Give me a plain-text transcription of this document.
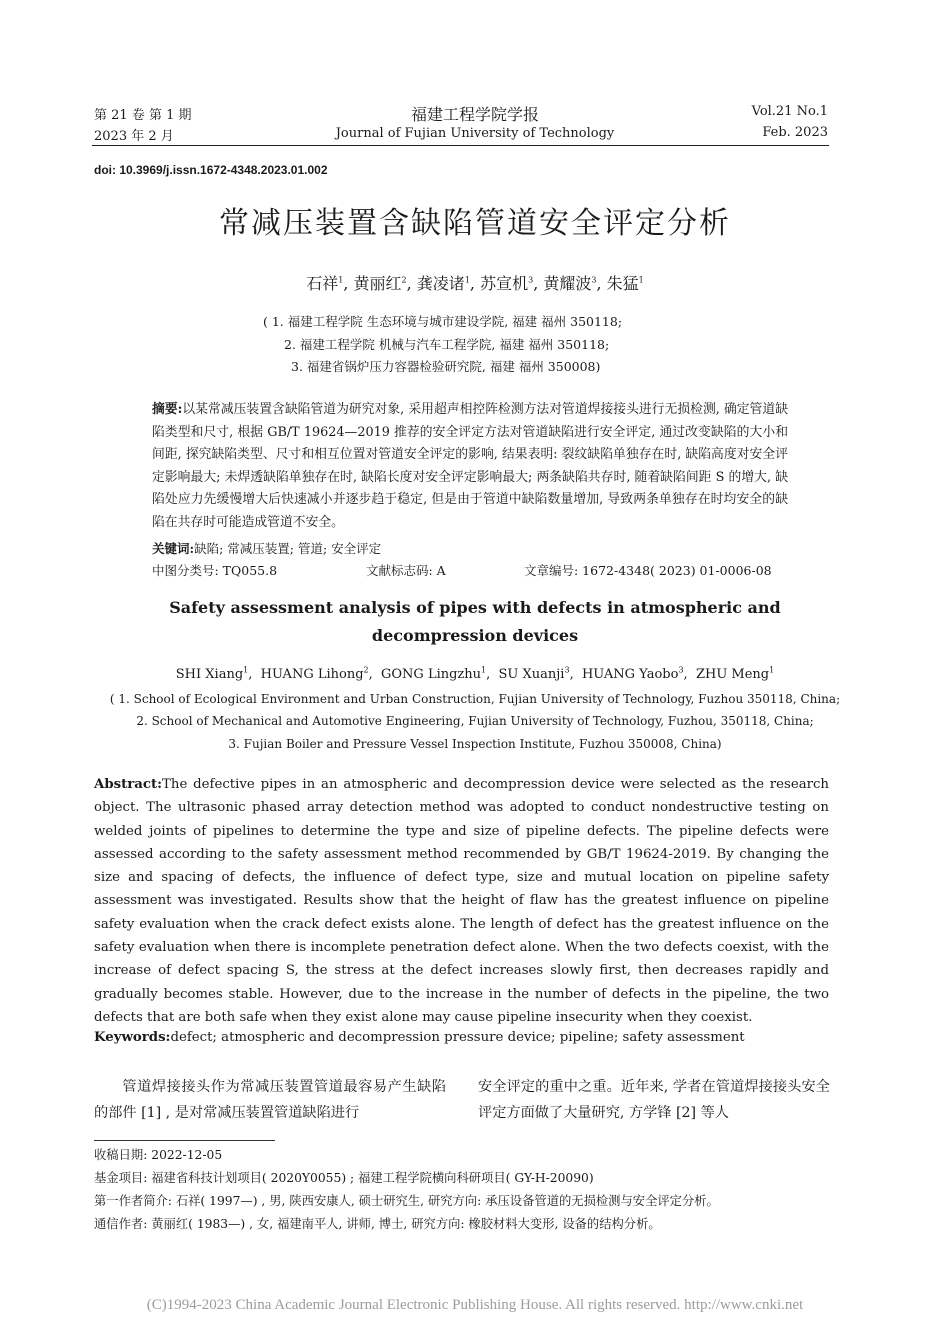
第 21 卷 第 1 期
2023 年 2 月
福建工程学院学报
Journal of Fujian University of Technology
Vol.21 No.1
Feb. 2023
doi: 10.3969/j.issn.1672-4348.2023.01.002
常减压装置含缺陷管道安全评定分析
石祥$^1$, 黄丽红$^2$, 龚凌诸$^1$, 苏宣机$^3$, 黄耀波$^3$, 朱猛$^1$
( 1. 福建工程学院 生态环境与城市建设学院, 福建 福州 350118;
2. 福建工程学院 机械与汽车工程学院, 福建 福州 350118;
3. 福建省锅炉压力容器检验研究院, 福建 福州 350008)
摘要:以某常减压装置含缺陷管道为研究对象, 采用超声相控阵检测方法对管道焊接接头进行无损检测, 确定管道缺陷类型和尺寸, 根据 GB/T 19624—2019 推荐的安全评定方法对管道缺陷进行安全评定, 通过改变缺陷的大小和间距, 探究缺陷类型、尺寸和相互位置对管道安全评定的影响, 结果表明: 裂纹缺陷单独存在时, 缺陷高度对安全评定影响最大; 未焊透缺陷单独存在时, 缺陷长度对安全评定影响最大; 两条缺陷共存时, 随着缺陷间距 S 的增大, 缺陷处应力先缓慢增大后快速减小并逐步趋于稳定, 但是由于管道中缺陷数量增加, 导致两条单独存在时均安全的缺陷在共存时可能造成管道不安全。
关键词:缺陷; 常减压装置; 管道; 安全评定
中图分类号: TQ055.8	文献标志码: A	文章编号: 1672-4348( 2023) 01-0006-08
Safety assessment analysis of pipes with defects in atmospheric and decompression devices
SHI Xiang$^1$,  HUANG Lihong$^2$,  GONG Lingzhu$^1$,  SU Xuanji$^3$,  HUANG Yaobo$^3$,  ZHU Meng$^1$
( 1. School of Ecological Environment and Urban Construction, Fujian University of Technology, Fuzhou 350118, China;
2. School of Mechanical and Automotive Engineering, Fujian University of Technology, Fuzhou, 350118, China;
3. Fujian Boiler and Pressure Vessel Inspection Institute, Fuzhou 350008, China)
Abstract:The defective pipes in an atmospheric and decompression device were selected as the research object. The ultrasonic phased array detection method was adopted to conduct nondestructive testing on welded joints of pipelines to determine the type and size of pipeline defects. The pipeline defects were assessed according to the safety assessment method recommended by GB/T 19624-2019. By changing the size and spacing of defects, the influence of defect type, size and mutual location on pipeline safety assessment was investigated. Results show that the height of flaw has the greatest influence on pipeline safety evaluation when the crack defect exists alone. The length of defect has the greatest influence on the safety evaluation when there is incomplete penetration defect alone. When the two defects coexist, with the increase of defect spacing S, the stress at the defect increases slowly first, then decreases rapidly and gradually becomes stable. However, due to the increase in the number of defects in the pipeline, the two defects that are both safe when they exist alone may cause pipeline insecurity when they coexist.
Keywords:defect; atmospheric and decompression pressure device; pipeline; safety assessment
管道焊接接头作为常减压装置管道最容易产生缺陷的部件 [1] , 是对常减压装置管道缺陷进行
安全评定的重中之重。近年来, 学者在管道焊接接头安全评定方面做了大量研究, 方学锋 [2] 等人
收稿日期: 2022-12-05
基金项目: 福建省科技计划项目( 2020Y0055) ; 福建工程学院横向科研项目( GY-H-20090)
第一作者简介: 石祥( 1997—) , 男, 陕西安康人, 硕士研究生, 研究方向: 承压设备管道的无损检测与安全评定分析。
通信作者: 黄丽红( 1983—) , 女, 福建南平人, 讲师, 博士, 研究方向: 橡胶材料大变形, 设备的结构分析。
(C)1994-2023 China Academic Journal Electronic Publishing House. All rights reserved. http://www.cnki.net
